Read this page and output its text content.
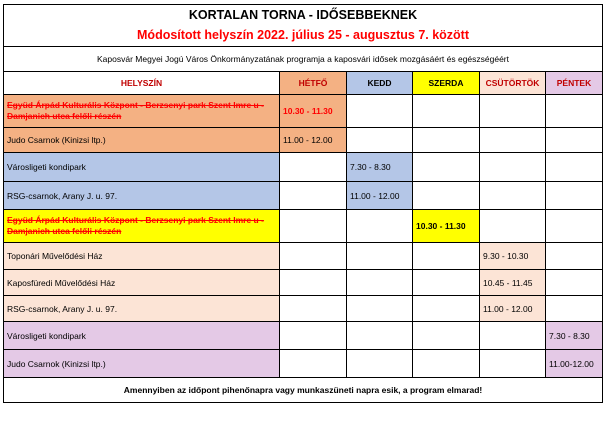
KORTALAN TORNA - IDŐSEBBEKNEK					
Módosított helyszín 2022. július 25 - augusztus 7. között					
Kaposvár Megyei Jogú Város Önkormányzatának programja a kaposvári idősek mozgásáért és egészségéért					
HELYSZÍN	HÉTFŐ	KEDD	SZERDA	CSÜTÖRTÖK	PÉNTEK
Együd Árpád Kulturális Központ - Berzsenyi park Szent Imre u - Damjanich utca felőli részén	10.30 - 11.30				
Judo Csarnok (Kinizsi ltp.)	11.00 - 12.00				
Városligeti kondipark		7.30 - 8.30			
RSG-csarnok, Arany J. u. 97.		11.00 - 12.00			
Együd Árpád Kulturális Központ - Berzsenyi park Szent Imre u - Damjanich utca felőli részén			10.30 - 11.30		
Toponári Művelődési Ház				9.30 - 10.30	
Kaposfüredi Művelődési Ház				10.45 - 11.45	
RSG-csarnok, Arany J. u. 97.				11.00 - 12.00	
Városligeti kondipark					7.30 - 8.30
Judo Csarnok (Kinizsi ltp.)					11.00-12.00
Amennyiben az időpont pihenőnapra vagy munkaszüneti napra esik, a program elmarad!					
